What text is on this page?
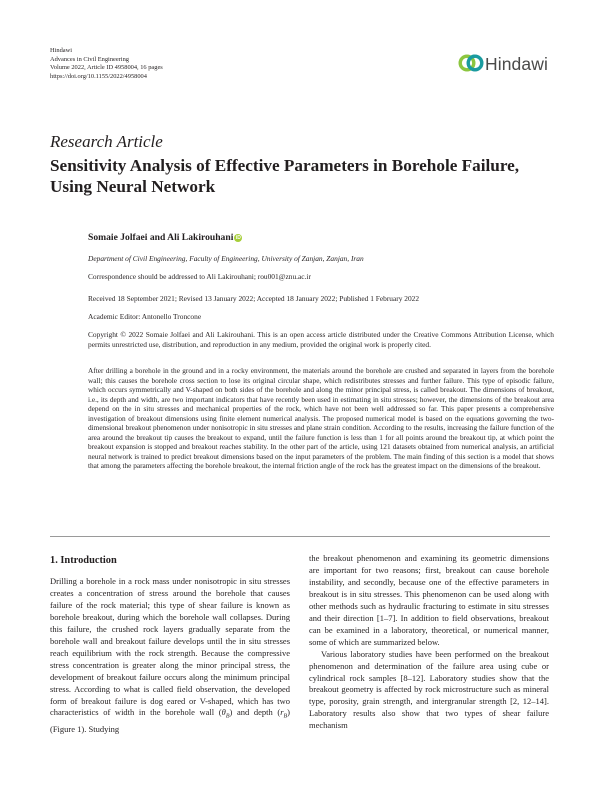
Hindawi
Advances in Civil Engineering
Volume 2022, Article ID 4958004, 16 pages
https://doi.org/10.1155/2022/4958004
Hindawi
Research Article
Sensitivity Analysis of Effective Parameters in Borehole Failure, Using Neural Network
Somaie Jolfaei and Ali Lakirouhani iD
Department of Civil Engineering, Faculty of Engineering, University of Zanjan, Zanjan, Iran
Correspondence should be addressed to Ali Lakirouhani; rou001@znu.ac.ir
Received 18 September 2021; Revised 13 January 2022; Accepted 18 January 2022; Published 1 February 2022
Academic Editor: Antonello Troncone
Copyright © 2022 Somaie Jolfaei and Ali Lakirouhani. This is an open access article distributed under the Creative Commons Attribution License, which permits unrestricted use, distribution, and reproduction in any medium, provided the original work is properly cited.
After drilling a borehole in the ground and in a rocky environment, the materials around the borehole are crushed and separated in layers from the borehole wall; this causes the borehole cross section to lose its original circular shape, which redistributes stresses and further failure. This type of episodic failure, which occurs symmetrically and V-shaped on both sides of the borehole and along the minor principal stress, is called breakout. The dimensions of breakout, i.e., its depth and width, are two important indicators that have recently been used in estimating in situ stresses; however, the dimensions of the breakout area depend on the in situ stresses and mechanical properties of the rock, which have not been well addressed so far. This paper presents a comprehensive investigation of breakout dimensions using finite element numerical analysis. The proposed numerical model is based on the equations governing the two-dimensional breakout phenomenon under nonisotropic in situ stresses and plane strain condition. According to the results, increasing the failure function of the area around the breakout tip causes the breakout to expand, until the failure function is less than 1 for all points around the breakout tip, at which point the breakout expansion is stopped and breakout reaches stability. In the other part of the article, using 121 datasets obtained from numerical analysis, an artificial neural network is trained to predict breakout dimensions based on the input parameters of the problem. The main finding of this section is a model that shows that among the parameters affecting the borehole breakout, the internal friction angle of the rock has the greatest impact on the dimensions of the breakout.
1. Introduction

Drilling a borehole in a rock mass under nonisotropic in situ stresses creates a concentration of stress around the borehole that causes failure of the rock material; this type of shear failure is known as borehole breakout, during which the borehole wall collapses. During this failure, the crushed rock layers gradually separate from the borehole wall and breakout failure develops until the in situ stresses reach equilibrium with the rock strength. Because the compressive stress concentration is greater along the minor principal stress, the development of breakout failure occurs along the minimum principal stress. According to what is called field observation, the developed form of breakout failure is dog eared or V-shaped, which has two characteristics of width in the borehole wall $(\theta_B)$ and depth $(r_B)$ (Figure 1). Studying

the breakout phenomenon and examining its geometric dimensions are important for two reasons; first, breakout can cause borehole instability, and secondly, because one of the effective parameters in breakout is in situ stresses. This phenomenon can be used along with other methods such as hydraulic fracturing to estimate in situ stresses and their direction [1–7]. In addition to field observations, breakout can be examined in a laboratory, theoretical, or numerical manner, some of which are summarized below.

Various laboratory studies have been performed on the breakout phenomenon and determination of the failure area using cube or cylindrical rock samples [8–12]. Laboratory studies show that the breakout geometry is affected by rock microstructure such as mineral type, porosity, grain strength, and intergranular strength [2, 12–14]. Laboratory results also show that two types of shear failure mechanism
